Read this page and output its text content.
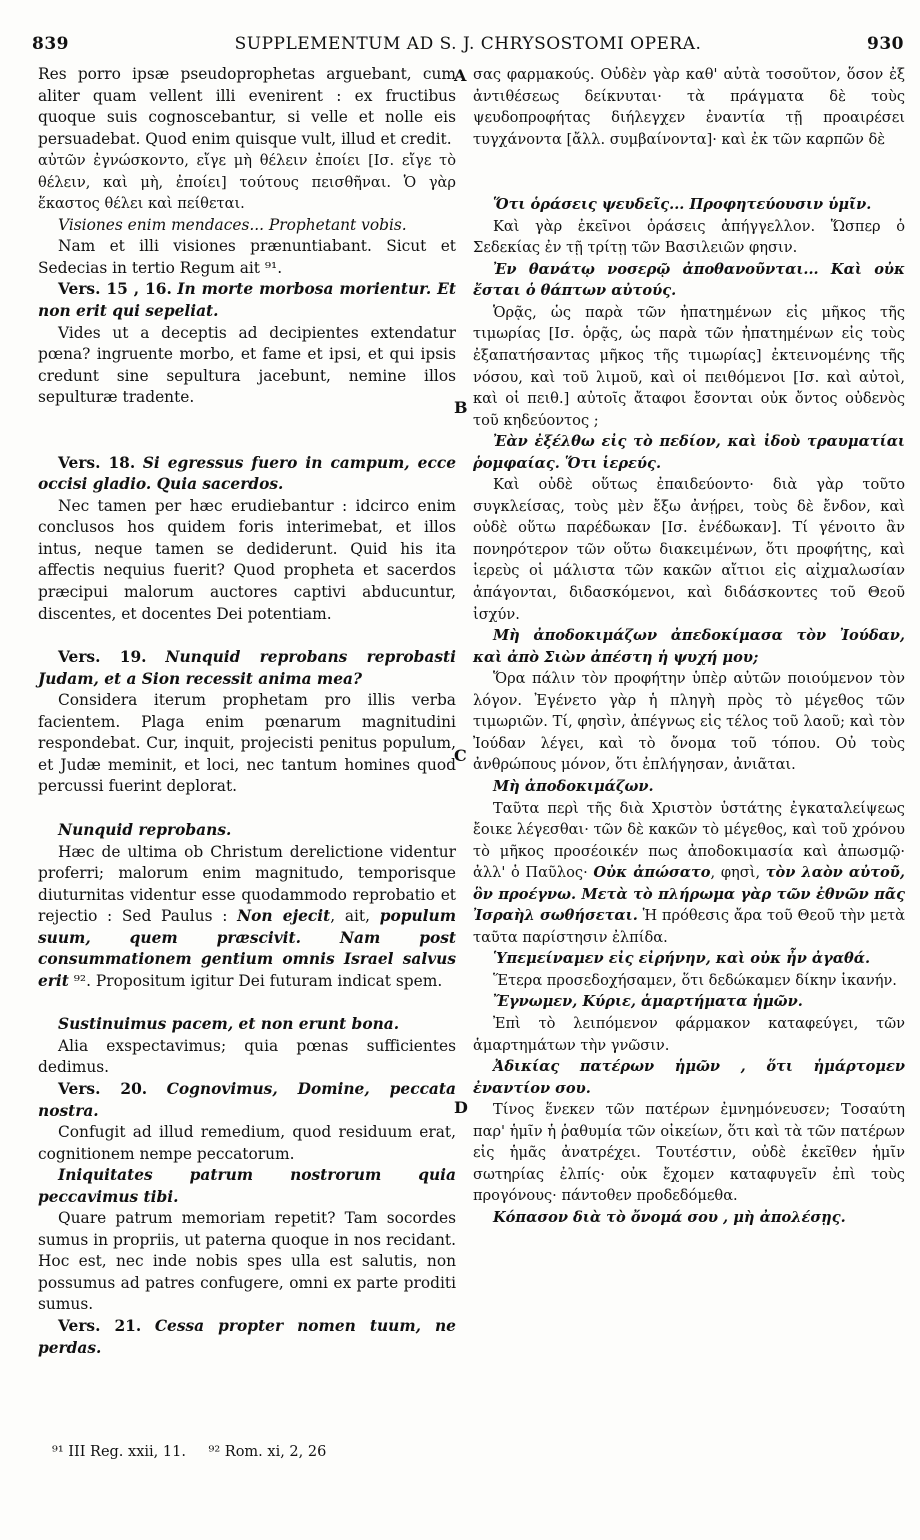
839	SUPPLEMENTUM AD S. J. CHRYSOSTOMI OPERA.	930
A
B
C
D

Res porro ipsæ pseudoprophetas arguebant, cum aliter quam vellent illi evenirent : ex fructibus quoque suis cognoscebantur, si velle et nolle eis persuadebat. Quod enim quisque vult, illud et credit.

αὐτῶν ἐγνώσκοντο, εἴγε μὴ θέλειν ἐποίει [Ισ. εἴγε τὸ θέλειν, καὶ μὴ, ἐποίει] τούτους πεισθῆναι. Ὁ γὰρ ἕκαστος θέλει καὶ πείθεται.

Visiones enim mendaces... Prophetant vobis.

Nam et illi visiones prænuntiabant. Sicut et Sedecias in tertio Regum ait ⁹¹.

Vers. 15 , 16. In morte morbosa morientur. Et non erit qui sepeliat.

Vides ut a deceptis ad decipientes extendatur pœna? ingruente morbo, et fame et ipsi, et qui ipsis credunt sine sepultura jacebunt, nemine illos sepulturæ tradente.

Vers. 18. Si egressus fuero in campum, ecce occisi gladio. Quia sacerdos.

Nec tamen per hæc erudiebantur : idcirco enim conclusos hos quidem foris interimebat, et illos intus, neque tamen se dediderunt. Quid his ita affectis nequius fuerit? Quod propheta et sacerdos præcipui malorum auctores captivi abducuntur, discentes, et docentes Dei potentiam.

Vers. 19. Nunquid reprobans reprobasti Judam, et a Sion recessit anima mea?

Considera iterum prophetam pro illis verba facientem. Plaga enim pœnarum magnitudini respondebat. Cur, inquit, projecisti penitus populum, et Judæ meminit, et loci, nec tantum homines quod percussi fuerint deplorat.

Nunquid reprobans.

Hæc de ultima ob Christum derelictione videntur proferri; malorum enim magnitudo, temporisque diuturnitas videntur esse quodammodo reprobatio et rejectio : Sed Paulus : Non ejecit, ait, populum suum, quem præscivit. Nam post consummationem gentium omnis Israel salvus erit ⁹². Propositum igitur Dei futuram indicat spem.

Sustinuimus pacem, et non erunt bona.

Alia exspectavimus; quia pœnas sufficientes dedimus.

Vers. 20. Cognovimus, Domine, peccata nostra.

Confugit ad illud remedium, quod residuum erat, cognitionem nempe peccatorum.

Iniquitates patrum nostrorum quia peccavimus tibi.

Quare patrum memoriam repetit? Tam socordes sumus in propriis, ut paterna quoque in nos recidant. Hoc est, nec inde nobis spes ulla est salutis, non possumus ad patres confugere, omni ex parte proditi sumus.

Vers. 21. Cessa propter nomen tuum, ne perdas.

σας φαρμακούς. Οὐδὲν γὰρ καθ' αὐτὰ τοσοῦτον, ὅσον ἐξ ἀντιθέσεως δείκνυται· τὰ πράγματα δὲ τοὺς ψευδοπροφήτας διήλεγχεν ἐναντία τῇ προαιρέσει τυγχάνοντα [ἄλλ. συμβαίνοντα]· καὶ ἐκ τῶν καρπῶν δὲ

Ὅτι ὁράσεις ψευδεῖς... Προφητεύουσιν ὑμῖν.

Καὶ γὰρ ἐκεῖνοι ὁράσεις ἀπήγγελλον. Ὥσπερ ὁ Σεδεκίας ἐν τῇ τρίτῃ τῶν Βασιλειῶν φησιν.

Ἐν θανάτῳ νοσερῷ ἀποθανοῦνται... Καὶ οὐκ ἔσται ὁ θάπτων αὐτούς.

Ὁρᾷς, ὡς παρὰ τῶν ἠπατημένων εἰς μῆκος τῆς τιμωρίας [Ισ. ὁρᾷς, ὡς παρὰ τῶν ἠπατημένων εἰς τοὺς ἐξαπατήσαντας μῆκος τῆς τιμωρίας] ἐκτεινομένης τῆς νόσου, καὶ τοῦ λιμοῦ, καὶ οἱ πειθόμενοι [Ισ. καὶ αὐτοὶ, καὶ οἱ πειθ.] αὐτοῖς ἄταφοι ἔσονται οὐκ ὄντος οὐδενὸς τοῦ κηδεύοντος ;

Ἐὰν ἐξέλθω εἰς τὸ πεδίον, καὶ ἰδοὺ τραυματίαι ῥομφαίας. Ὅτι ἱερεύς.

Καὶ οὐδὲ οὕτως ἐπαιδεύοντο· διὰ γὰρ τοῦτο συγκλείσας, τοὺς μὲν ἔξω ἀνῄρει, τοὺς δὲ ἔνδον, καὶ οὐδὲ οὕτω παρέδωκαν [Ισ. ἐνέδωκαν]. Τί γένοιτο ἂν πονηρότερον τῶν οὕτω διακειμένων, ὅτι προφήτης, καὶ ἱερεὺς οἱ μάλιστα τῶν κακῶν αἴτιοι εἰς αἰχμαλωσίαν ἀπάγονται, διδασκόμενοι, καὶ διδάσκοντες τοῦ Θεοῦ ἰσχύν.

Μὴ ἀποδοκιμάζων ἀπεδοκίμασα τὸν Ἰούδαν, καὶ ἀπὸ Σιὼν ἀπέστη ἡ ψυχή μου;

Ὅρα πάλιν τὸν προφήτην ὑπὲρ αὐτῶν ποιούμενον τὸν λόγον. Ἐγένετο γὰρ ἡ πληγὴ πρὸς τὸ μέγεθος τῶν τιμωριῶν. Τί, φησὶν, ἀπέγνως εἰς τέλος τοῦ λαοῦ; καὶ τὸν Ἰούδαν λέγει, καὶ τὸ ὄνομα τοῦ τόπου. Οὐ τοὺς ἀνθρώπους μόνον, ὅτι ἐπλήγησαν, ἀνιᾶται.

Μὴ ἀποδοκιμάζων.

Ταῦτα περὶ τῆς διὰ Χριστὸν ὑστάτης ἐγκαταλείψεως ἔοικε λέγεσθαι· τῶν δὲ κακῶν τὸ μέγεθος, καὶ τοῦ χρόνου τὸ μῆκος προσέοικέν πως ἀποδοκιμασία καὶ ἀπωσμῷ· ἀλλ' ὁ Παῦλος· Οὐκ ἀπώσατο, φησὶ, τὸν λαὸν αὐτοῦ, ὃν προέγνω. Μετὰ τὸ πλήρωμα γὰρ τῶν ἐθνῶν πᾶς Ἰσραὴλ σωθήσεται. Ἡ πρόθεσις ἄρα τοῦ Θεοῦ τὴν μετὰ ταῦτα παρίστησιν ἐλπίδα.

Ὑπεμείναμεν εἰς εἰρήνην, καὶ οὐκ ἦν ἀγαθά.

Ἕτερα προσεδοχήσαμεν, ὅτι δεδώκαμεν δίκην ἱκανήν.

Ἔγνωμεν, Κύριε, ἁμαρτήματα ἡμῶν.

Ἐπὶ τὸ λειπόμενον φάρμακον καταφεύγει, τῶν ἁμαρτημάτων τὴν γνῶσιν.

Ἀδικίας πατέρων ἡμῶν , ὅτι ἡμάρτομεν ἐναντίον σου.

Τίνος ἕνεκεν τῶν πατέρων ἐμνημόνευσεν; Τοσαύτη παρ' ἡμῖν ἡ ῥαθυμία τῶν οἰκείων, ὅτι καὶ τὰ τῶν πατέρων εἰς ἡμᾶς ἀνατρέχει. Τουτέστιν, οὐδὲ ἐκεῖθεν ἡμῖν σωτηρίας ἐλπίς· οὐκ ἔχομεν καταφυγεῖν ἐπὶ τοὺς προγόνους· πάντοθεν προδεδόμεθα.

Κόπασον διὰ τὸ ὄνομά σου , μὴ ἀπολέσῃς.

⁹¹ III Reg. xxii, 11. ⁹² Rom. xi, 2, 26
